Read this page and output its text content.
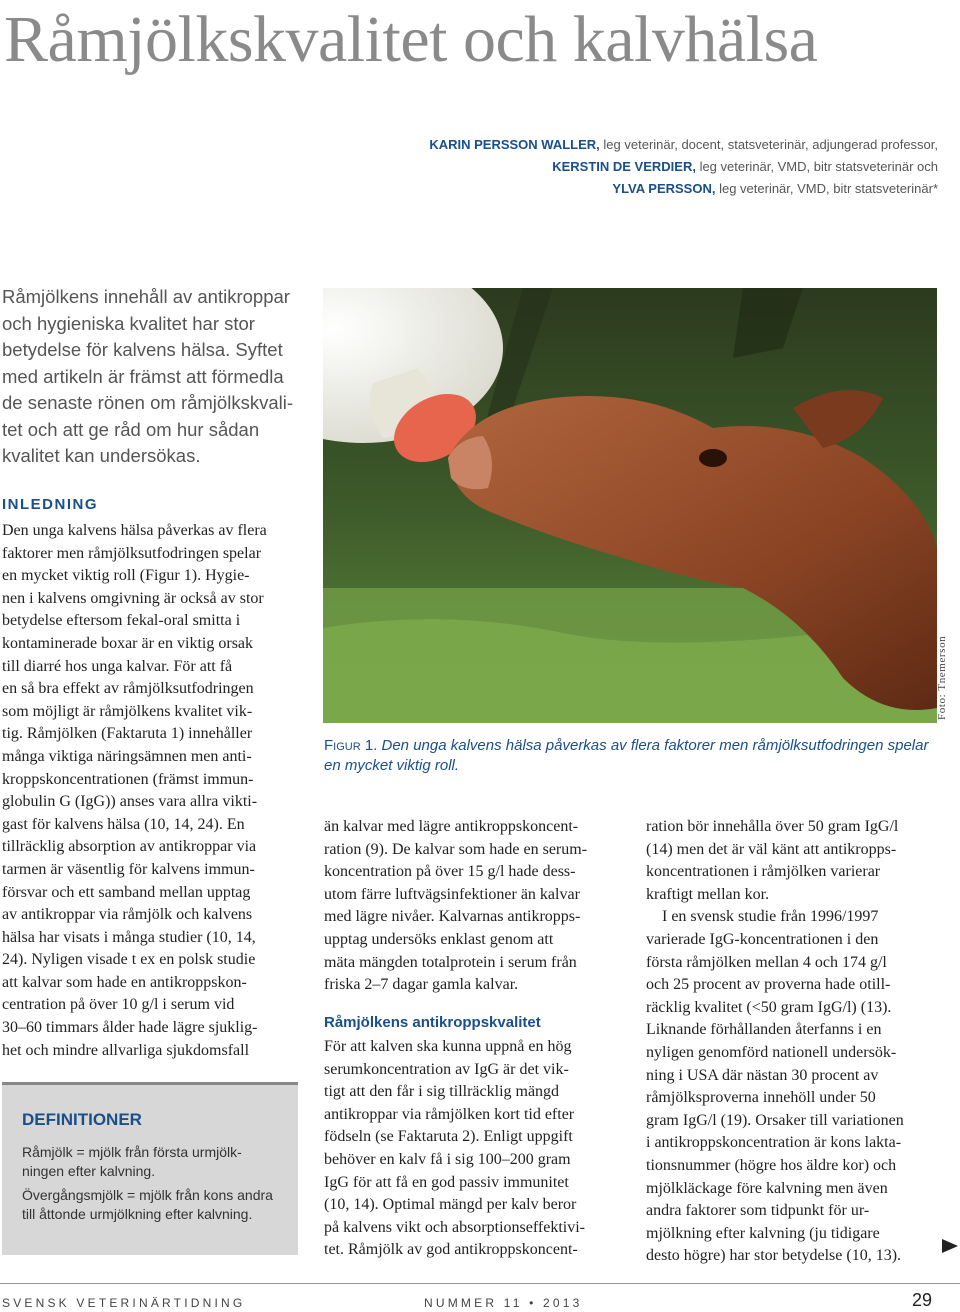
Råmjölkskvalitet och kalvhälsa
KARIN PERSSON WALLER, leg veterinär, docent, statsveterinär, adjungerad professor,
KERSTIN DE VERDIER, leg veterinär, VMD, bitr statsveterinär och
YLVA PERSSON, leg veterinär, VMD, bitr statsveterinär*
Råmjölkens innehåll av antikroppar
och hygieniska kvalitet har stor
betydelse för kalvens hälsa. Syftet
med artikeln är främst att förmedla
de senaste rönen om råmjölkskvali-
tet och att ge råd om hur sådan
kvalitet kan undersökas.
Foto: Tnemerson
Figur 1. Den unga kalvens hälsa påverkas av flera faktorer men råmjölksutfodringen spelar en mycket viktig roll.
INLEDNING
Den unga kalvens hälsa påverkas av flera
faktorer men råmjölksutfodringen spelar
en mycket viktig roll (Figur 1). Hygie-
nen i kalvens omgivning är också av stor
betydelse eftersom fekal-oral smitta i
kontaminerade boxar är en viktig orsak
till diarré hos unga kalvar. För att få
en så bra effekt av råmjölksutfodringen
som möjligt är råmjölkens kvalitet vik-
tig. Råmjölken (Faktaruta 1) innehåller
många viktiga näringsämnen men anti-
kroppskoncentrationen (främst immun-
globulin G (IgG)) anses vara allra vikti-
gast för kalvens hälsa (10, 14, 24). En
tillräcklig absorption av antikroppar via
tarmen är väsentlig för kalvens immun-
försvar och ett samband mellan upptag
av antikroppar via råmjölk och kalvens
hälsa har visats i många studier (10, 14,
24). Nyligen visade t ex en polsk studie
att kalvar som hade en antikroppskon-
centration på över 10 g/l i serum vid
30–60 timmars ålder hade lägre sjuklig-
het och mindre allvarliga sjukdomsfall
än kalvar med lägre antikroppskoncent-
ration (9). De kalvar som hade en serum-
koncentration på över 15 g/l hade dess-
utom färre luftvägsinfektioner än kalvar
med lägre nivåer. Kalvarnas antikropps-
upptag undersöks enklast genom att
mäta mängden totalprotein i serum från
friska 2–7 dagar gamla kalvar.
Råmjölkens antikroppskvalitet
För att kalven ska kunna uppnå en hög
serumkoncentration av IgG är det vik-
tigt att den får i sig tillräcklig mängd
antikroppar via råmjölken kort tid efter
födseln (se Faktaruta 2). Enligt uppgift
behöver en kalv få i sig 100–200 gram
IgG för att få en god passiv immunitet
(10, 14). Optimal mängd per kalv beror
på kalvens vikt och absorptionseffektivi-
tet. Råmjölk av god antikroppskoncent-
ration bör innehålla över 50 gram IgG/l
(14) men det är väl känt att antikropps-
koncentrationen i råmjölken varierar
kraftigt mellan kor.
I en svensk studie från 1996/1997
varierade IgG-koncentrationen i den
första råmjölken mellan 4 och 174 g/l
och 25 procent av proverna hade otill-
räcklig kvalitet (<50 gram IgG/l) (13).
Liknande förhållanden återfanns i en
nyligen genomförd nationell undersök-
ning i USA där nästan 30 procent av
råmjölksproverna innehöll under 50
gram IgG/l (19). Orsaker till variationen
i antikroppskoncentration är kons lakta-
tionsnummer (högre hos äldre kor) och
mjölkläckage före kalvning men även
andra faktorer som tidpunkt för ur-
mjölkning efter kalvning (ju tidigare
desto högre) har stor betydelse (10, 13).
DEFINITIONER
Råmjölk = mjölk från första urmjölk-
ningen efter kalvning.
Övergångsmjölk = mjölk från kons andra
till åttonde urmjölkning efter kalvning.
SVENSK VETERINÄRTIDNING	NUMMER 11 • 2013	29
